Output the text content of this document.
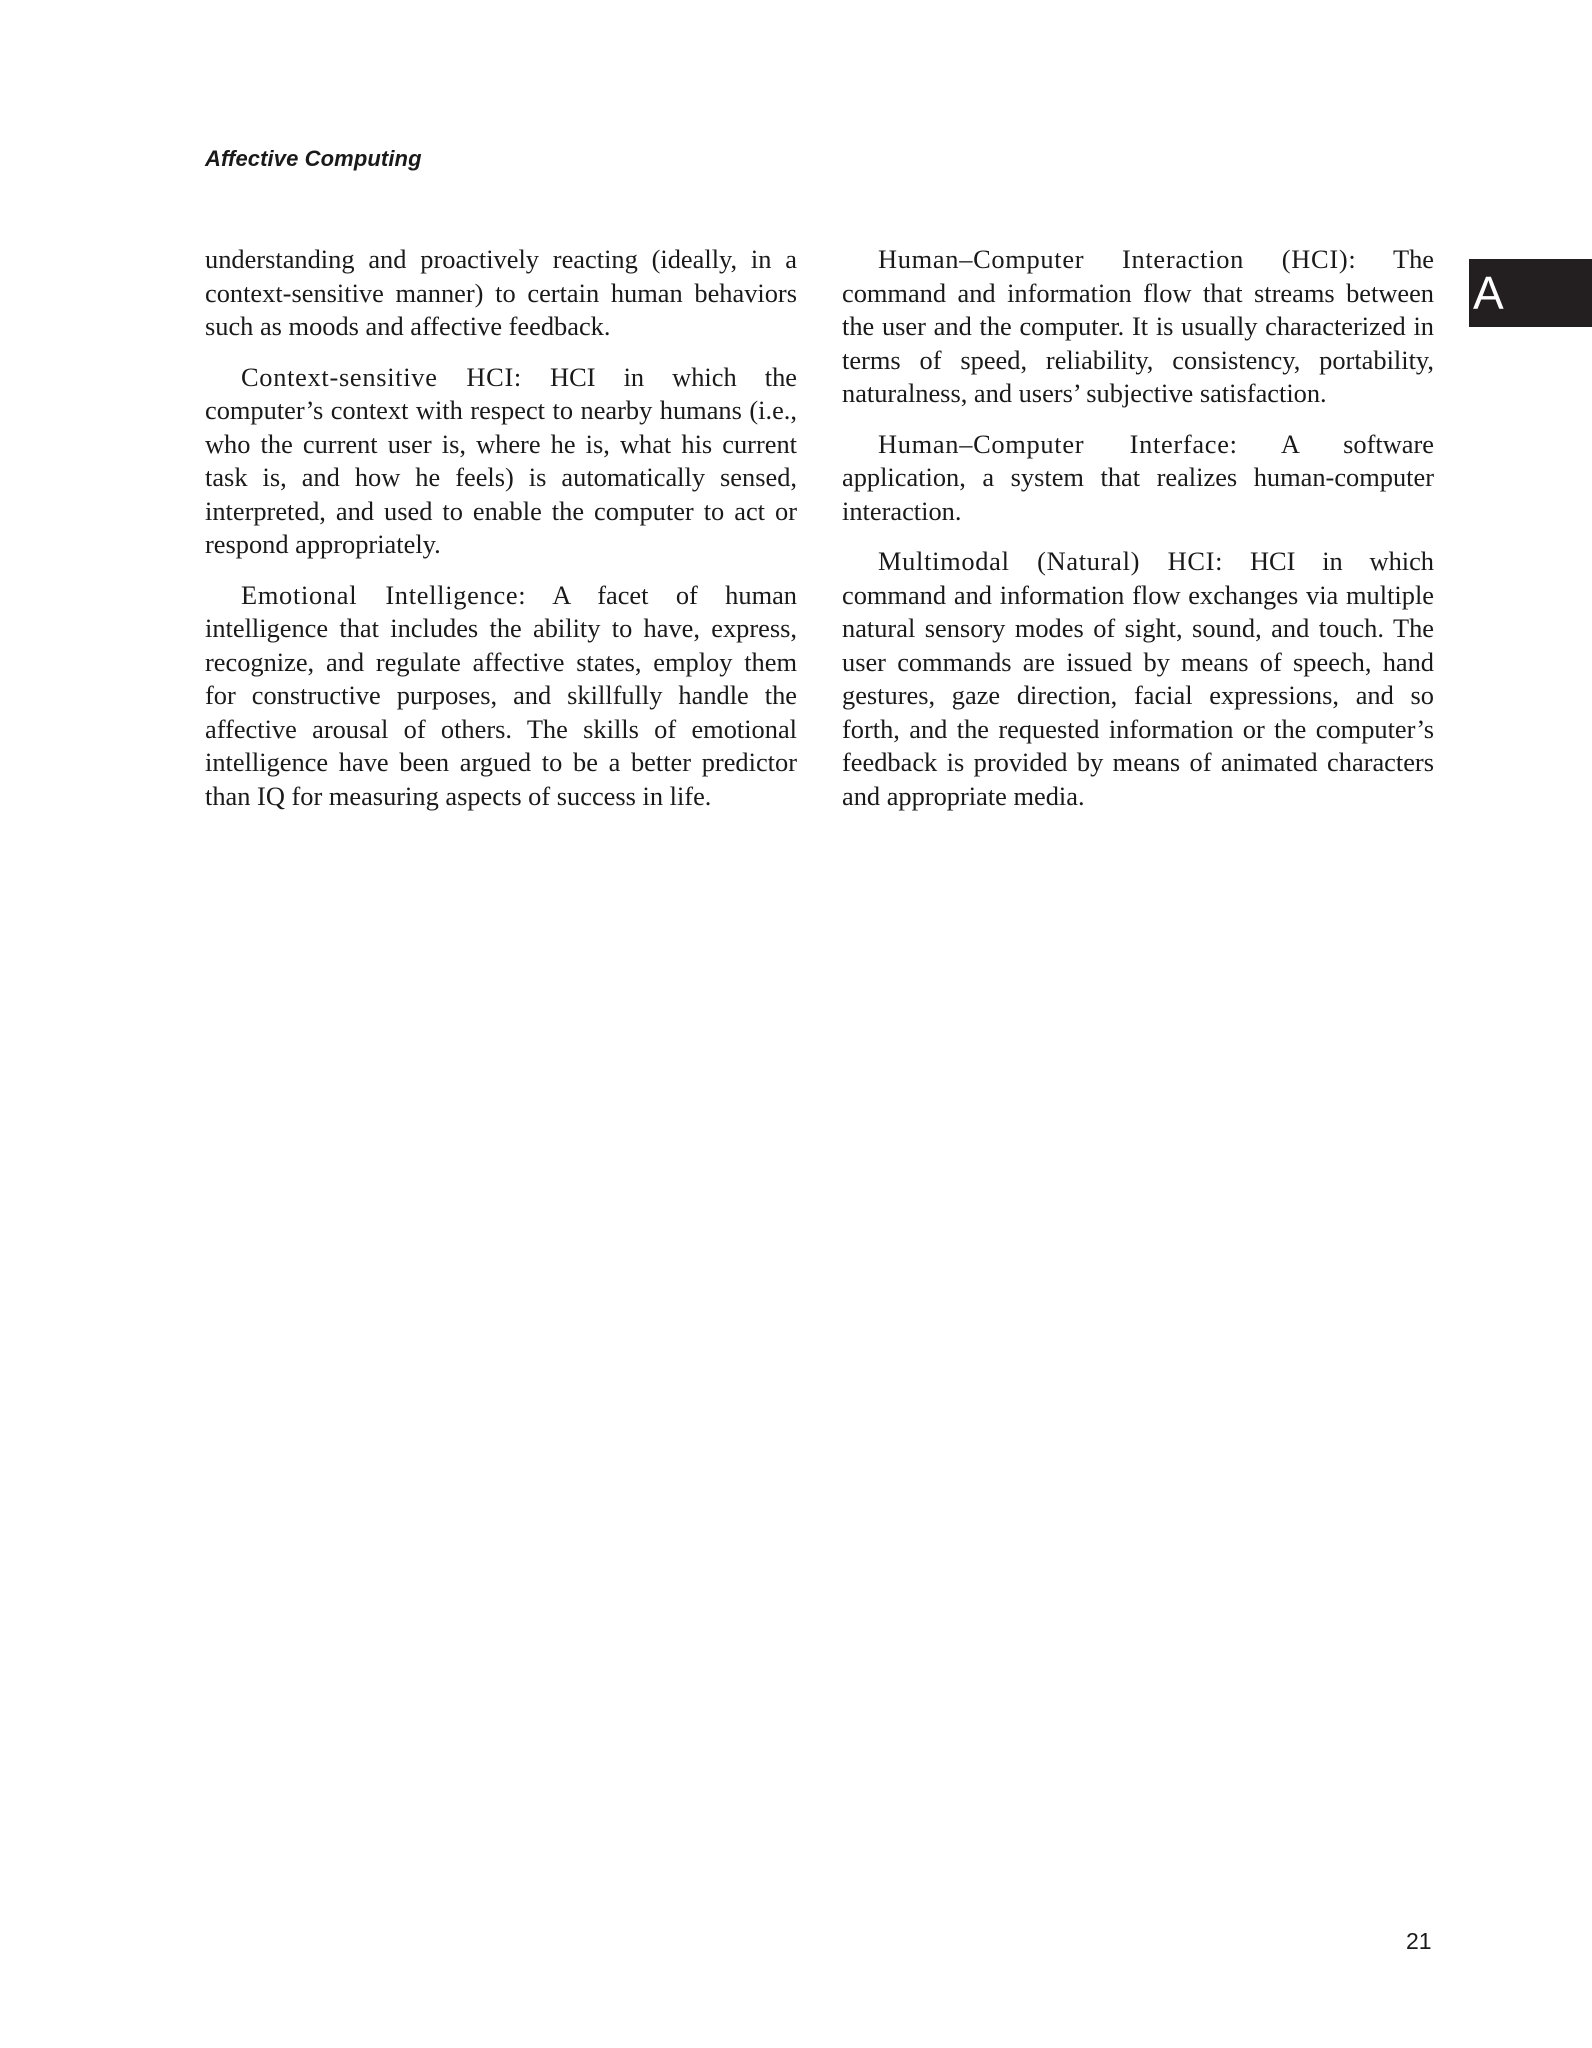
Affective Computing
A

understanding and proactively reacting (ideally, in a context-sensitive manner) to certain human behaviors such as moods and affective feedback.

Context-sensitive HCI: HCI in which the computer’s context with respect to nearby humans (i.e., who the current user is, where he is, what his current task is, and how he feels) is automatically sensed, interpreted, and used to enable the computer to act or respond appropriately.

Emotional Intelligence: A facet of human intelligence that includes the ability to have, express, recognize, and regulate affective states, employ them for constructive purposes, and skillfully handle the affective arousal of others. The skills of emotional intelligence have been argued to be a better predictor than IQ for measuring aspects of success in life.

Human–Computer Interaction (HCI): The command and information flow that streams between the user and the computer. It is usually characterized in terms of speed, reliability, consistency, portability, naturalness, and users’ subjective satisfaction.

Human–Computer Interface: A software application, a system that realizes human-computer interaction.

Multimodal (Natural) HCI: HCI in which command and information flow exchanges via multiple natural sensory modes of sight, sound, and touch. The user commands are issued by means of speech, hand gestures, gaze direction, facial expressions, and so forth, and the requested information or the computer’s feedback is provided by means of animated characters and appropriate media.

21
